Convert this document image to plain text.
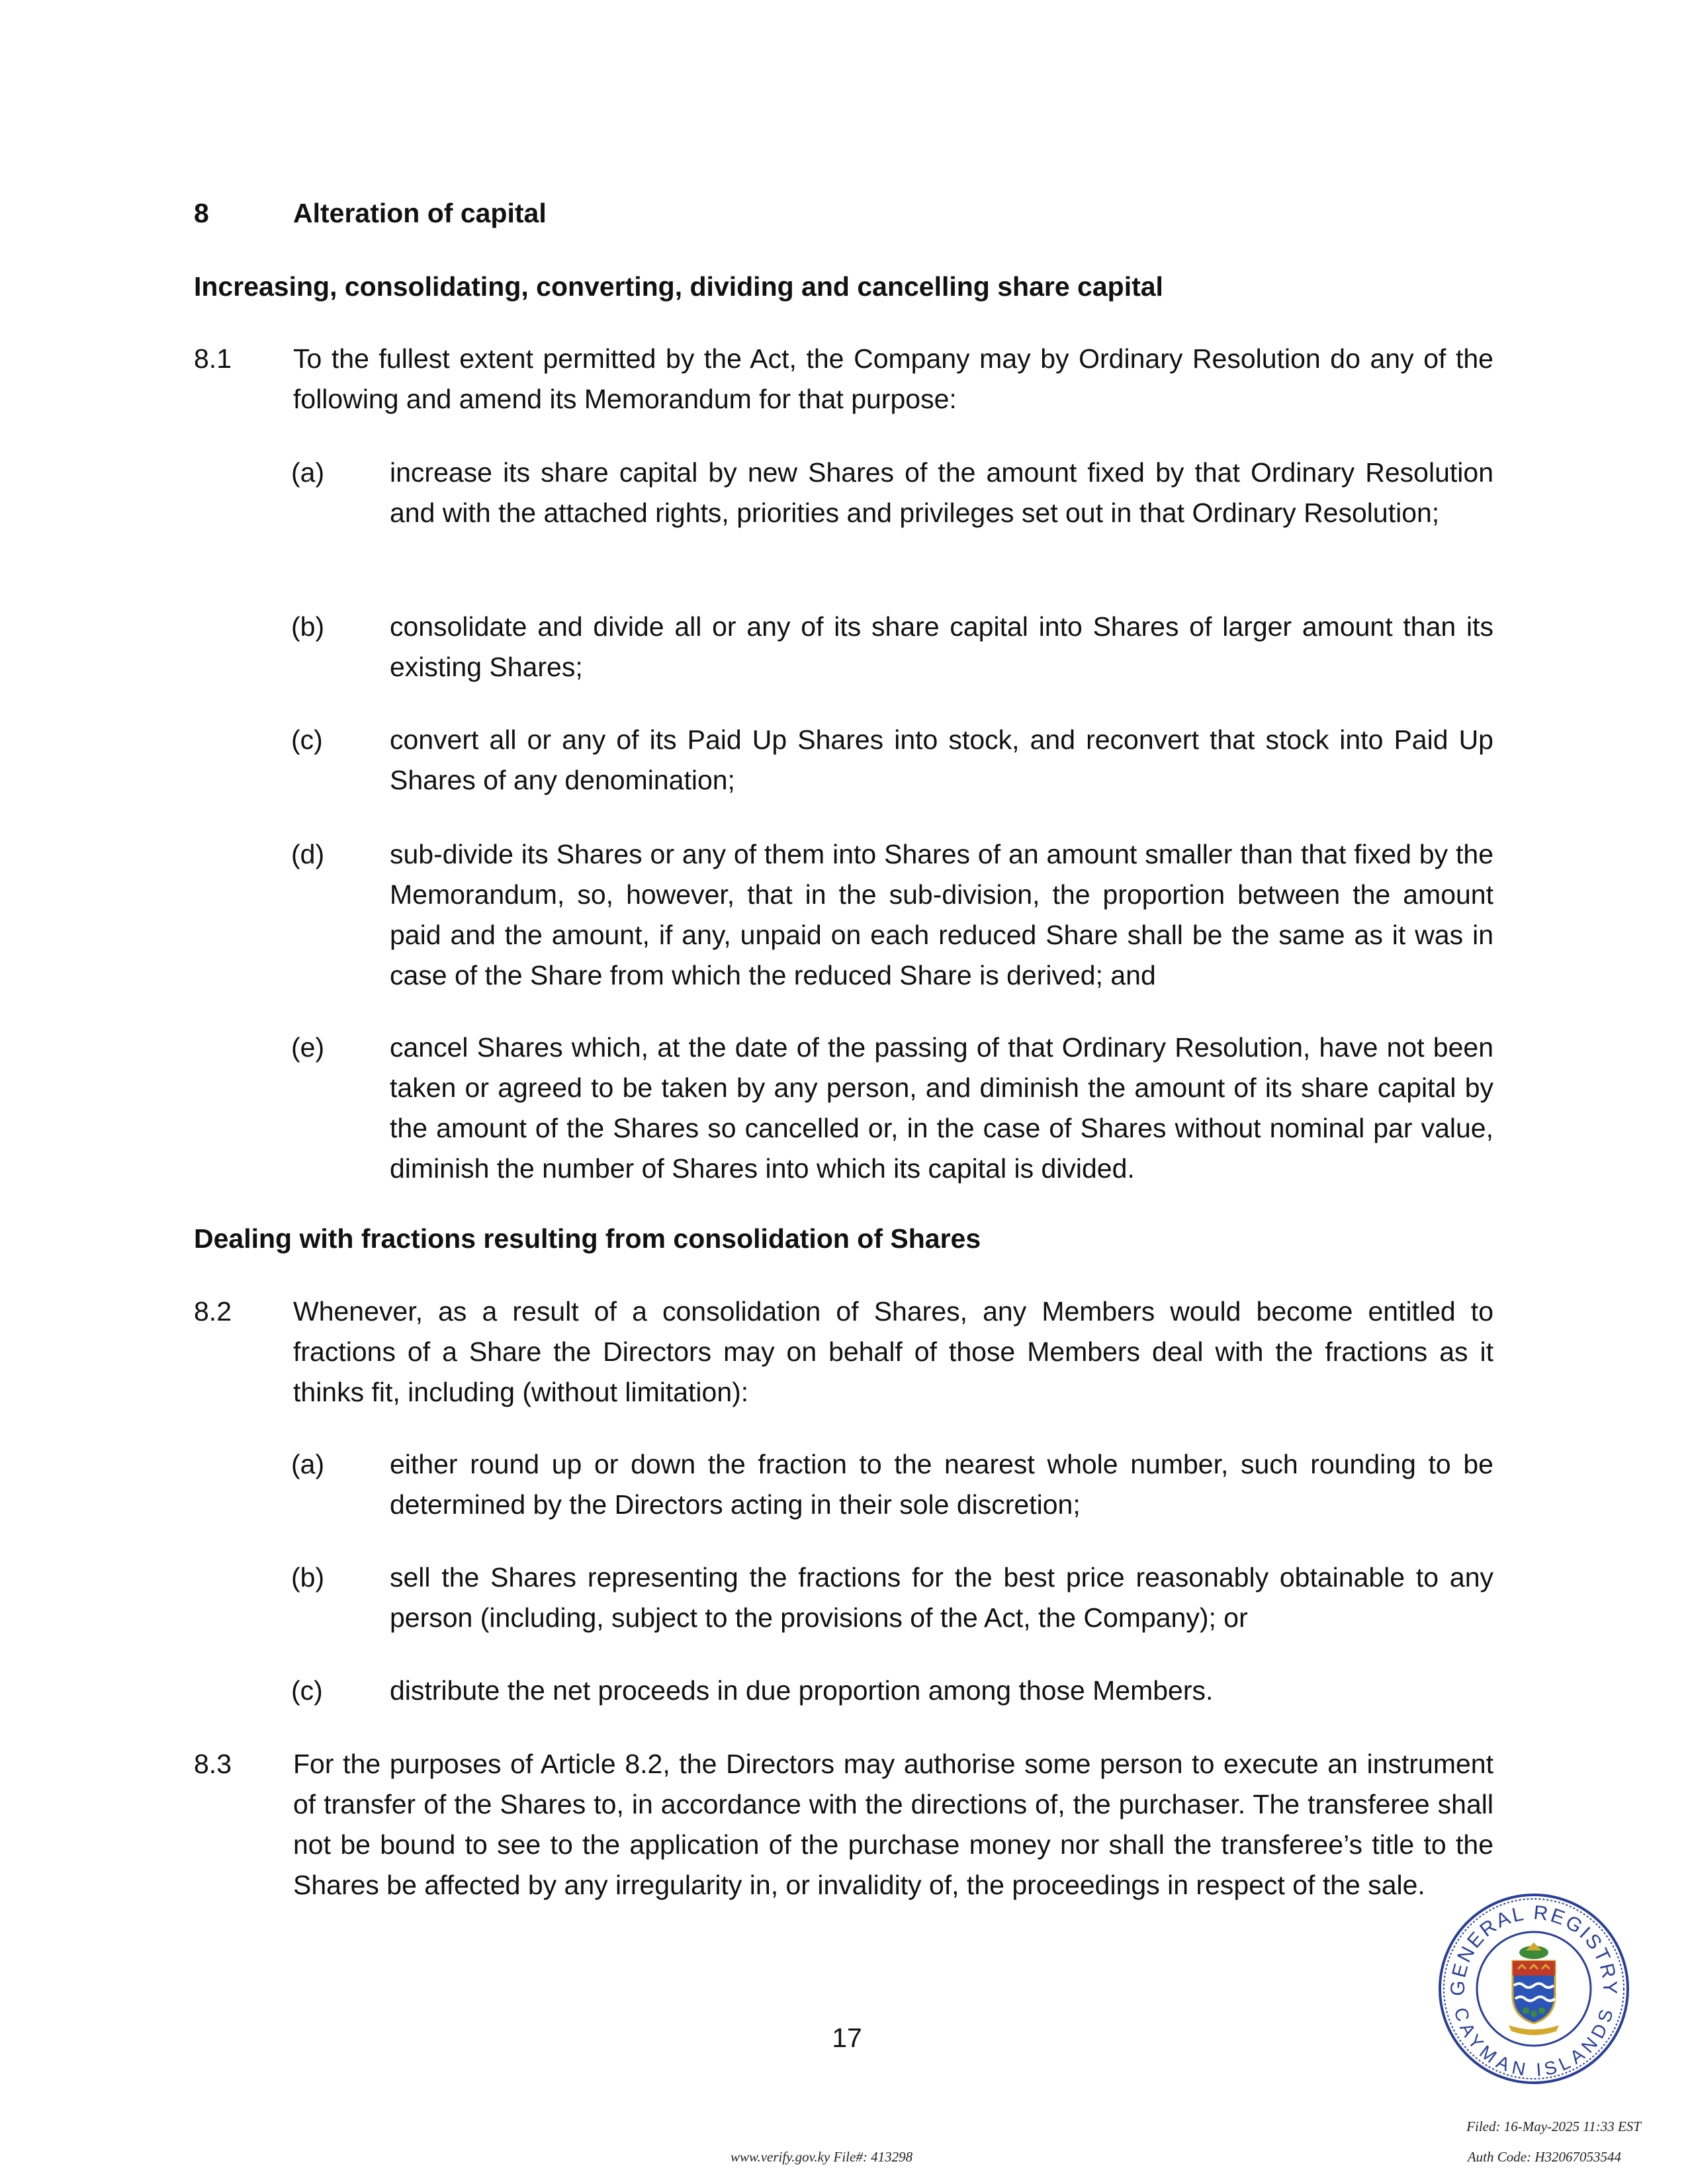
8	Alteration of capital
Increasing, consolidating, converting, dividing and cancelling share capital
8.1 To the fullest extent permitted by the Act, the Company may by Ordinary Resolution do any of the following and amend its Memorandum for that purpose:
(a) increase its share capital by new Shares of the amount fixed by that Ordinary Resolution and with the attached rights, priorities and privileges set out in that Ordinary Resolution;
(b) consolidate and divide all or any of its share capital into Shares of larger amount than its existing Shares;
(c) convert all or any of its Paid Up Shares into stock, and reconvert that stock into Paid Up Shares of any denomination;
(d) sub-divide its Shares or any of them into Shares of an amount smaller than that fixed by the Memorandum, so, however, that in the sub-division, the proportion between the amount paid and the amount, if any, unpaid on each reduced Share shall be the same as it was in case of the Share from which the reduced Share is derived; and
(e) cancel Shares which, at the date of the passing of that Ordinary Resolution, have not been taken or agreed to be taken by any person, and diminish the amount of its share capital by the amount of the Shares so cancelled or, in the case of Shares without nominal par value, diminish the number of Shares into which its capital is divided.
Dealing with fractions resulting from consolidation of Shares
8.2 Whenever, as a result of a consolidation of Shares, any Members would become entitled to fractions of a Share the Directors may on behalf of those Members deal with the fractions as it thinks fit, including (without limitation):
(a) either round up or down the fraction to the nearest whole number, such rounding to be determined by the Directors acting in their sole discretion;
(b) sell the Shares representing the fractions for the best price reasonably obtainable to any person (including, subject to the provisions of the Act, the Company); or
(c) distribute the net proceeds in due proportion among those Members.
8.3 For the purposes of Article 8.2, the Directors may authorise some person to execute an instrument of transfer of the Shares to, in accordance with the directions of, the purchaser. The transferee shall not be bound to see to the application of the purchase money nor shall the transferee’s title to the Shares be affected by any irregularity in, or invalidity of, the proceedings in respect of the sale.
17
GENERAL REGISTRY
CAYMAN ISLANDS
www.verify.gov.ky File#: 413298
Filed: 16-May-2025 11:33 EST
Auth Code: H32067053544
